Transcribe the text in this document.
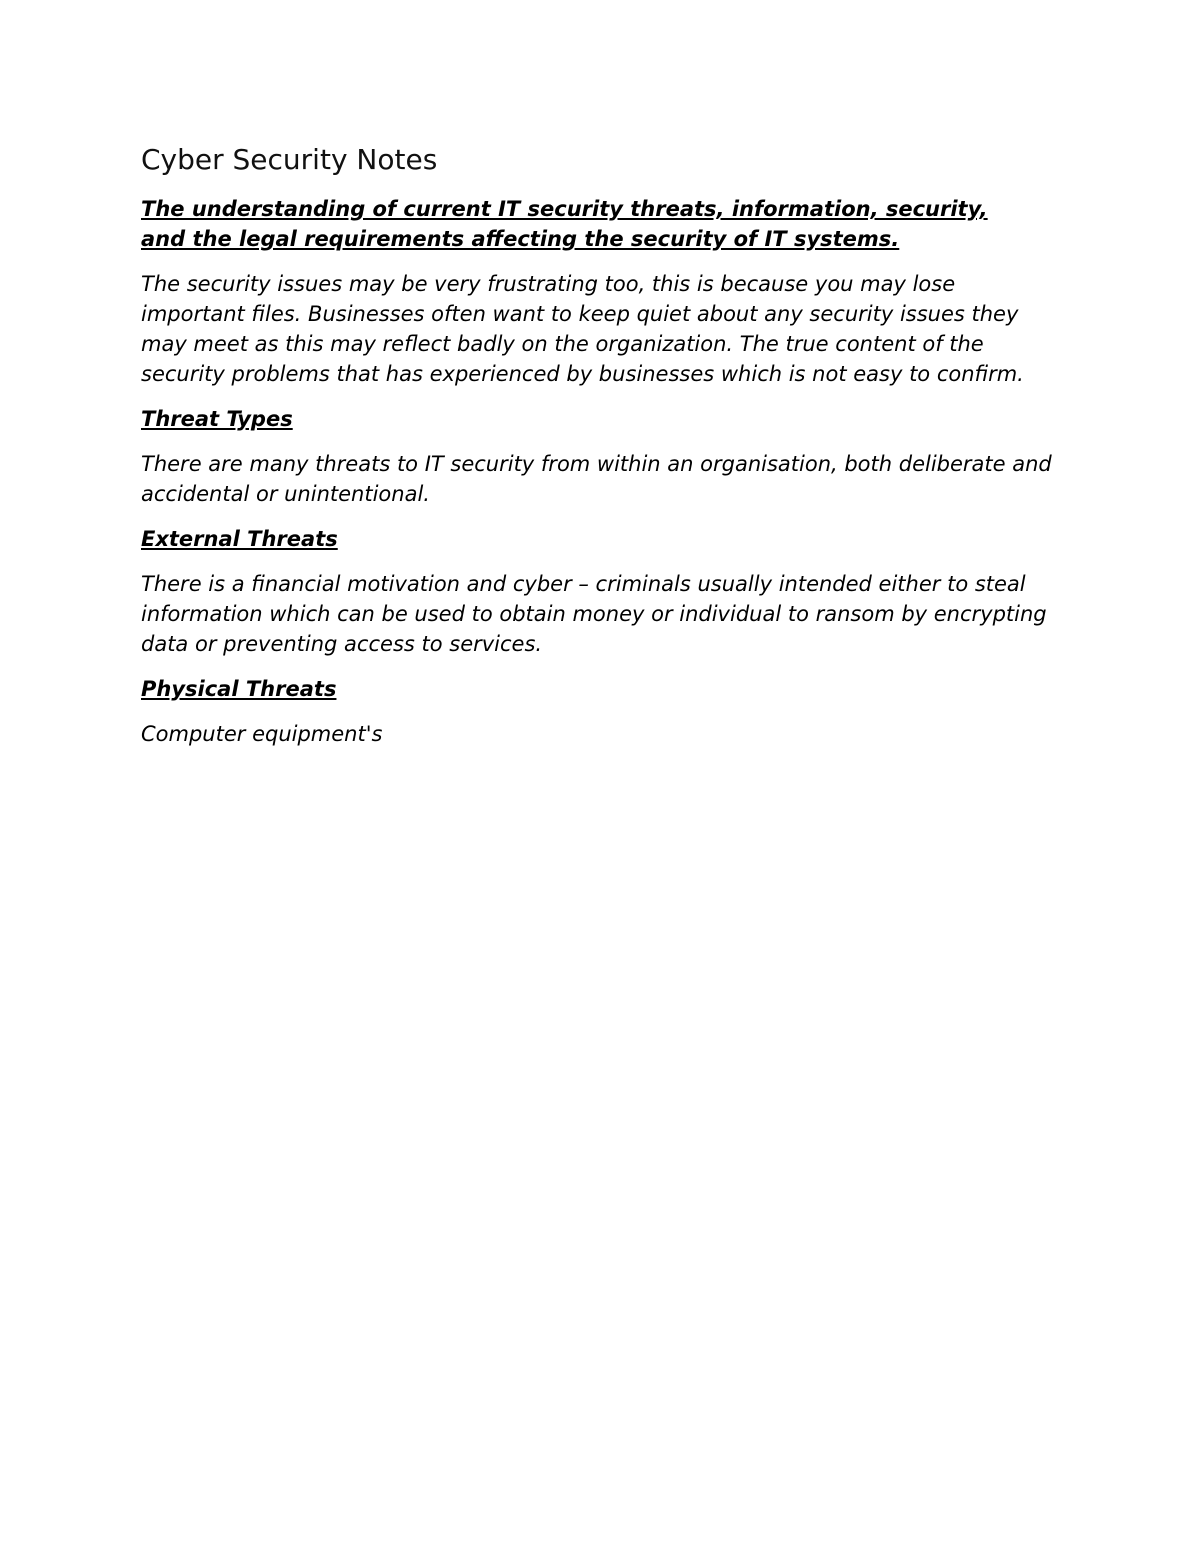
Cyber Security Notes

The understanding of current IT security threats, information, security, and the legal requirements affecting the security of IT systems.

The security issues may be very frustrating too, this is because you may lose important files. Businesses often want to keep quiet about any security issues they may meet as this may reflect badly on the organization. The true content of the security problems that has experienced by businesses which is not easy to confirm.

Threat Types

There are many threats to IT security from within an organisation, both deliberate and accidental or unintentional.

External Threats

There is a financial motivation and cyber – criminals usually intended either to steal information which can be used to obtain money or individual to ransom by encrypting data or preventing access to services.

Physical Threats

Computer equipment's
